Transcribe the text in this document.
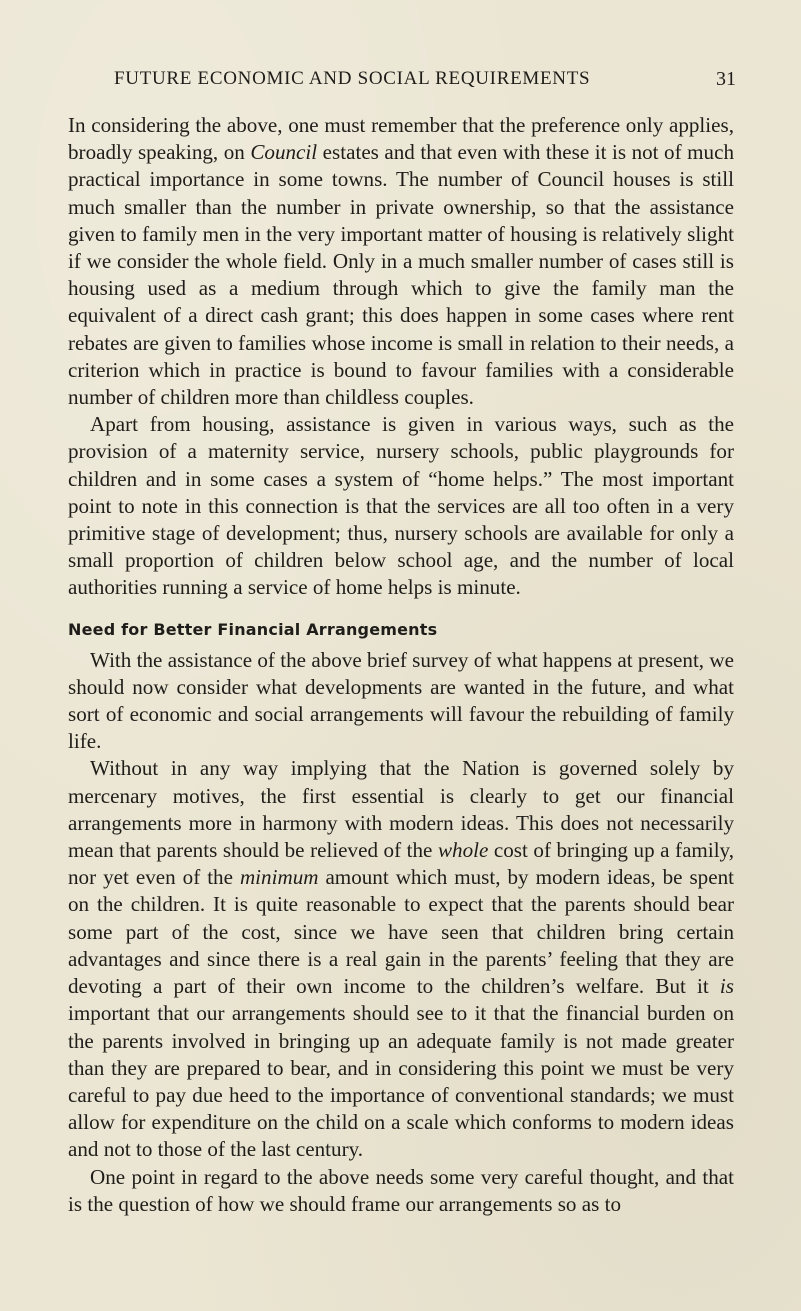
FUTURE ECONOMIC AND SOCIAL REQUIREMENTS	31

In considering the above, one must remember that the preference only applies, broadly speaking, on Council estates and that even with these it is not of much practical importance in some towns. The number of Council houses is still much smaller than the number in private ownership, so that the assistance given to family men in the very important matter of housing is relatively slight if we consider the whole field. Only in a much smaller number of cases still is housing used as a medium through which to give the family man the equivalent of a direct cash grant; this does happen in some cases where rent rebates are given to families whose income is small in relation to their needs, a criterion which in practice is bound to favour families with a considerable number of children more than childless couples.

Apart from housing, assistance is given in various ways, such as the provision of a maternity service, nursery schools, public playgrounds for children and in some cases a system of “home helps.” The most important point to note in this connection is that the services are all too often in a very primitive stage of development; thus, nursery schools are available for only a small proportion of children below school age, and the number of local authorities running a service of home helps is minute.

Need for Better Financial Arrangements

With the assistance of the above brief survey of what happens at present, we should now consider what developments are wanted in the future, and what sort of economic and social arrangements will favour the rebuilding of family life.

Without in any way implying that the Nation is governed solely by mercenary motives, the first essential is clearly to get our financial arrangements more in harmony with modern ideas. This does not necessarily mean that parents should be relieved of the whole cost of bringing up a family, nor yet even of the minimum amount which must, by modern ideas, be spent on the children. It is quite reasonable to expect that the parents should bear some part of the cost, since we have seen that children bring certain advantages and since there is a real gain in the parents’ feeling that they are devoting a part of their own income to the children’s welfare. But it is important that our arrangements should see to it that the financial burden on the parents involved in bringing up an adequate family is not made greater than they are prepared to bear, and in considering this point we must be very careful to pay due heed to the importance of conventional standards; we must allow for expenditure on the child on a scale which conforms to modern ideas and not to those of the last century.

One point in regard to the above needs some very careful thought, and that is the question of how we should frame our arrangements so as to
